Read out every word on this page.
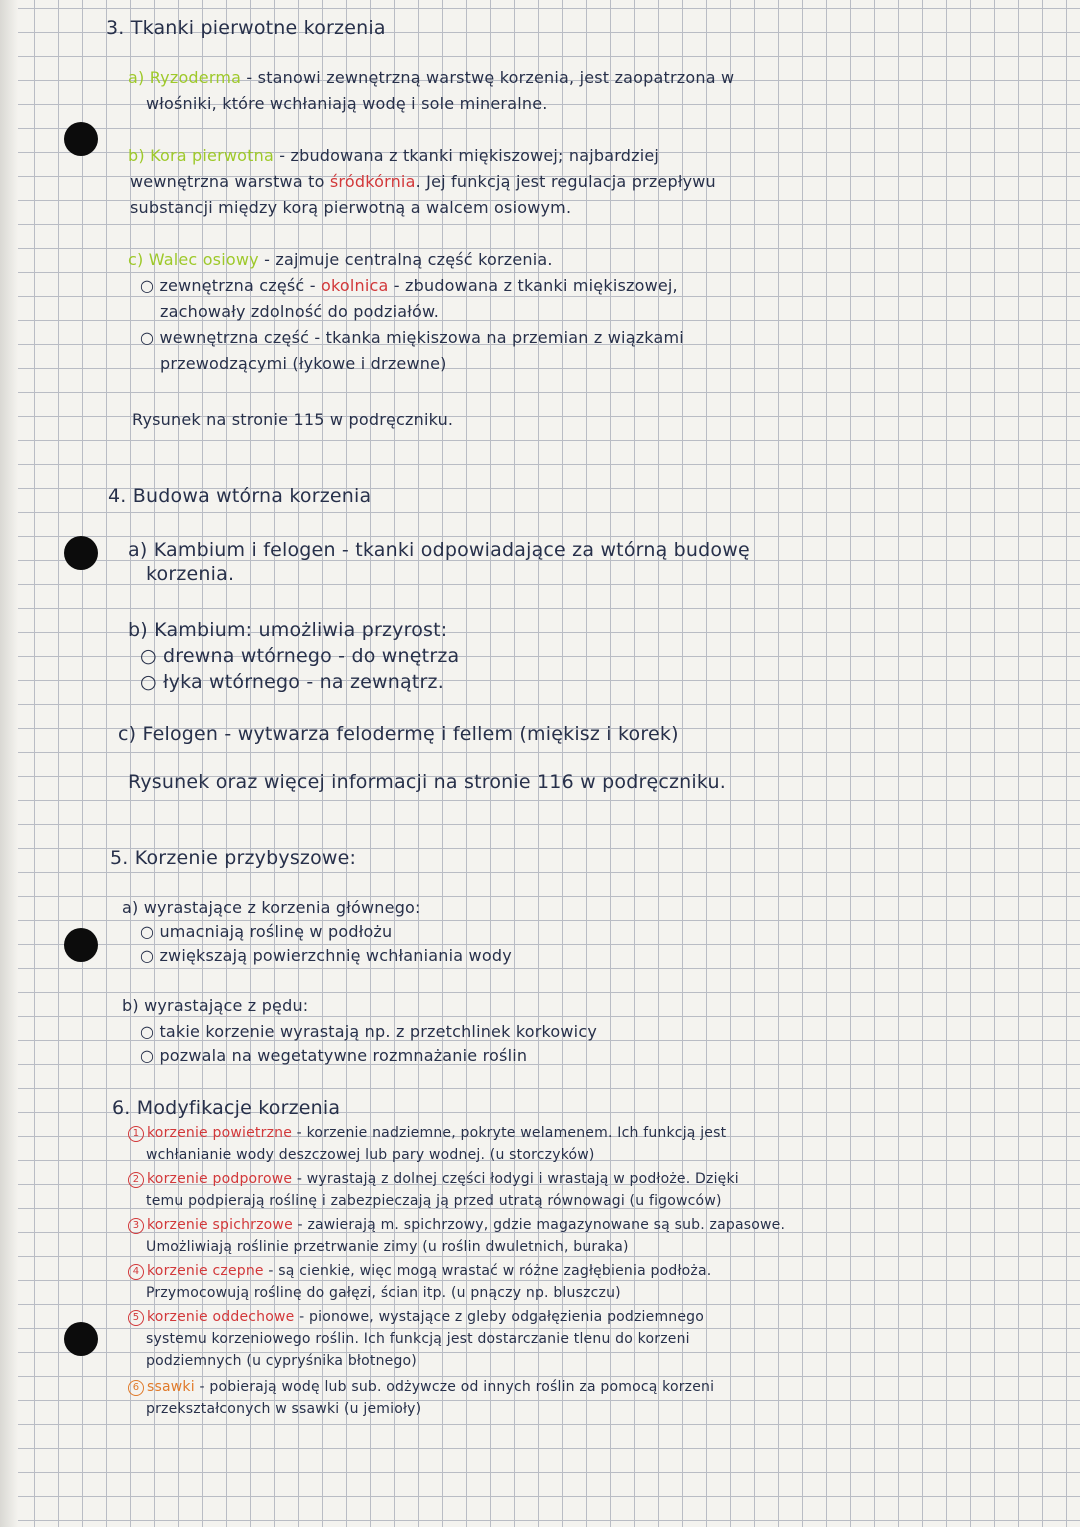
3. Tkanki pierwotne korzenia
a) Ryzoderma - stanowi zewnętrzną warstwę korzenia, jest zaopatrzona w
włośniki, które wchłaniają wodę i sole mineralne.
b) Kora pierwotna - zbudowana z tkanki miękiszowej; najbardziej
wewnętrzna warstwa to śródkórnia. Jej funkcją jest regulacja przepływu
substancji między korą pierwotną a walcem osiowym.
c) Walec osiowy - zajmuje centralną część korzenia.
○ zewnętrzna część - okolnica - zbudowana z tkanki miękiszowej,
zachowały zdolność do podziałów.
○ wewnętrzna część - tkanka miękiszowa na przemian z wiązkami
przewodzącymi (łykowe i drzewne)
Rysunek na stronie 115 w podręczniku.
4. Budowa wtórna korzenia
a) Kambium i felogen - tkanki odpowiadające za wtórną budowę
korzenia.
b) Kambium: umożliwia przyrost:
○ drewna wtórnego - do wnętrza
○ łyka wtórnego - na zewnątrz.
c) Felogen - wytwarza felodermę i fellem (miękisz i korek)
Rysunek oraz więcej informacji na stronie 116 w podręczniku.
5. Korzenie przybyszowe:
a) wyrastające z korzenia głównego:
○ umacniają roślinę w podłożu
○ zwiększają powierzchnię wchłaniania wody
b) wyrastające z pędu:
○ takie korzenie wyrastają np. z przetchlinek korkowicy
○ pozwala na wegetatywne rozmnażanie roślin
6. Modyfikacje korzenia
1 korzenie powietrzne - korzenie nadziemne, pokryte welamenem. Ich funkcją jest
wchłanianie wody deszczowej lub pary wodnej. (u storczyków)
2 korzenie podporowe - wyrastają z dolnej części łodygi i wrastają w podłoże. Dzięki
temu podpierają roślinę i zabezpieczają ją przed utratą równowagi (u figowców)
3 korzenie spichrzowe - zawierają m. spichrzowy, gdzie magazynowane są sub. zapasowe.
Umożliwiają roślinie przetrwanie zimy (u roślin dwuletnich, buraka)
4 korzenie czepne - są cienkie, więc mogą wrastać w różne zagłębienia podłoża.
Przymocowują roślinę do gałęzi, ścian itp. (u pnączy np. bluszczu)
5 korzenie oddechowe - pionowe, wystające z gleby odgałęzienia podziemnego
systemu korzeniowego roślin. Ich funkcją jest dostarczanie tlenu do korzeni
podziemnych (u cypryśnika błotnego)
6 ssawki - pobierają wodę lub sub. odżywcze od innych roślin za pomocą korzeni
przekształconych w ssawki (u jemioły)
